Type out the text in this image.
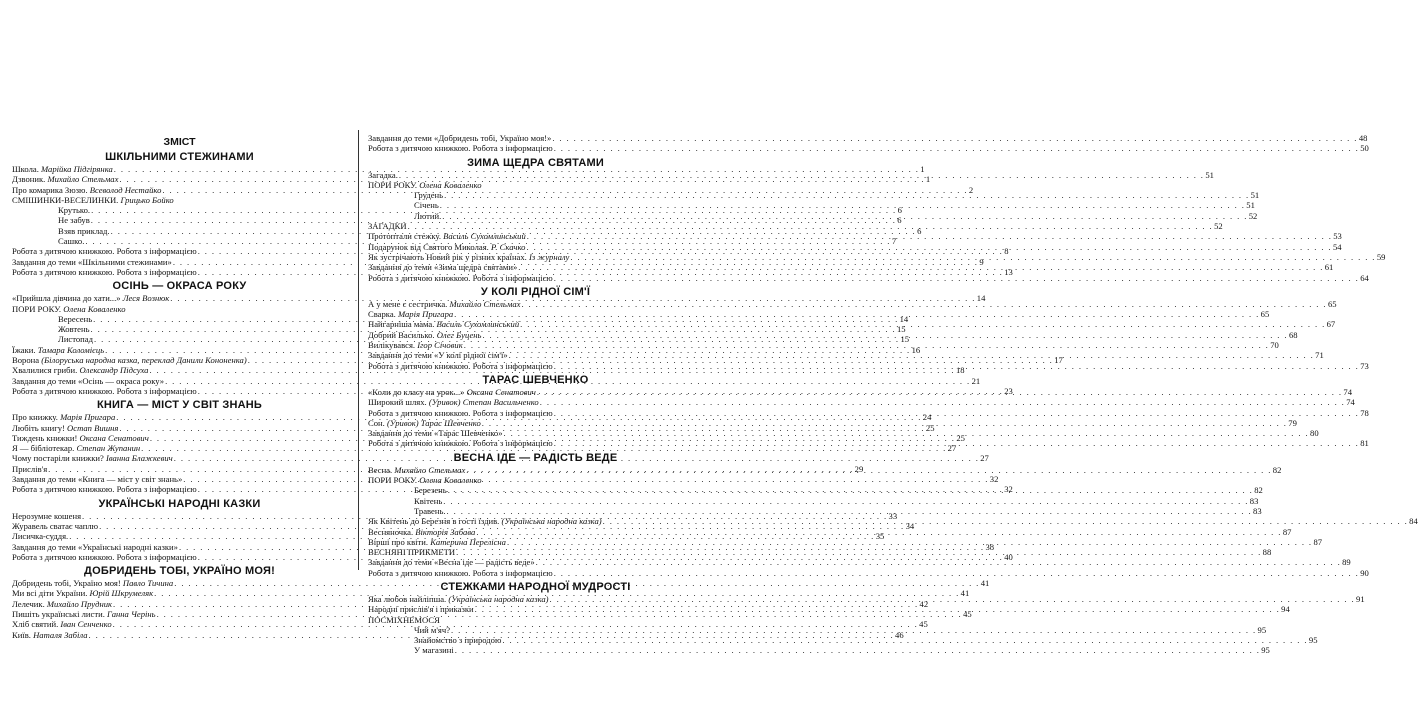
ЗМІСТ
ШКІЛЬНИМИ СТЕЖИНАМИ
Школа. Марійка Підгірянка . . .	1
Дзвоник. Михайло Стельмах . . .	1
Про комарика Зюзю. Всеволод Нестайко . . .	2
СМІШИНКИ-ВЕСЕЛИНКИ. Грицько Бойко
Крутько. . . .	6
Не забув . . .	6
Взяв приклад. . . .	6
Сашко. . . .	7
Робота з дитячою книжкою. Робота з інформацією . . .	8
Завдання до теми «Шкільними стежинами» . . .	9
Робота з дитячою книжкою. Робота з інформацією . . .	13
ОСІНЬ — ОКРАСА РОКУ
«Прийшла дівчина до хати...» Леся Вознюк . . .	14
ПОРИ РОКУ. Олена Коваленко
Вересень . . .	14
Жовтень . . .	15
Листопад . . .	15
Їжаки. Тамара Коломієць . . .	16
Ворона (Білоруська народна казка, переклад Данили Кононенка) . . .	17
Хвалилися гриби. Олександр Підсуха . . .	18
Завдання до теми «Осінь — окраса року» . . .	21
Робота з дитячою книжкою. Робота з інформацією . . .	23
КНИГА — МІСТ У СВІТ ЗНАНЬ
Про книжку. Марія Пригара . . .	24
Любіть книгу! Остап Вишня . . .	25
Тиждень книжки! Оксана Сенатович . . .	25
Я — бібліотекар. Степан Жупанин . . .	27
Чому постаріли книжки? Іванна Блажкевич . . .	27
Прислів'я . . .	29
Завдання до теми «Книга — міст у світ знань» . . .	32
Робота з дитячою книжкою. Робота з інформацією . . .	32
УКРАЇНСЬКІ НАРОДНІ КАЗКИ
Нерозумне кошеня . . .	33
Журавель сватає чаплю . . .	34
Лисичка-суддя. . . .	35
Завдання до теми «Українські народні казки» . . .	38
Робота з дитячою книжкою. Робота з інформацією . . .	40
ДОБРИДЕНЬ ТОБІ, УКРАЇНО МОЯ!
Добридень тобі, Україно моя! Павло Тичина . . .	41
Ми всі діти України. Юрій Шкрумеляк . . .	41
Лелечик. Михайло Прудник . . .	42
Пишіть українські листи. Ганна Черінь . . .	45
Хліб святий. Іван Сенченко . . .	45
Київ. Наталя Забіла . . .	46
Завдання до теми «Добридень тобі, Україно моя!» . . .	48
Робота з дитячою книжкою. Робота з інформацією . . .	50
ЗИМА ЩЕДРА СВЯТАМИ
Загадка. . . .	51
ПОРИ РОКУ. Олена Коваленко
Грудень . . .	51
Січень . . .	51
Лютий. . . .	52
ЗАГАДКИ . . .	52
Протоптали стежку. Василь Сухомлинський . . .	53
Подарунок від Святого Миколая. Р. Скачко . . .	54
Як зустрічають Новий рік у різних країнах. Із журналу . . .	59
Завдання до теми «Зима щедра святами» . . .	61
Робота з дитячою книжкою. Робота з інформацією . . .	64
У КОЛІ РІДНОЇ СІМ'Ї
А у мене є сестричка. Михайло Стельмах . . .	65
Сварка. Марія Пригара . . .	65
Найгарніша мама. Василь Сухомлинський . . .	67
Добрий Василько. Олег Буцень . . .	68
Вилікувався. Ігор Січовик . . .	70
Завдання до теми «У колі рідної сім'ї» . . .	71
Робота з дитячою книжкою. Робота з інформацією . . .	73
ТАРАС ШЕВЧЕНКО
«Коли до класу на урок...» Оксана Сенатович . . .	74
Широкий шлях. (Уривок) Степан Васильченко . . .	74
Робота з дитячою книжкою. Робота з інформацією . . .	78
Сон. (Уривок) Тарас Шевченко . . .	79
Завдання до теми «Тарас Шевченко» . . .	80
Робота з дитячою книжкою. Робота з інформацією . . .	81
ВЕСНА ІДЕ — РАДІСТЬ ВЕДЕ
Весна. Михайло Стельмах . . .	82
ПОРИ РОКУ. Олена Коваленко
Березень . . .	82
Квітень . . .	83
Травень. . . .	83
Як Квітень до Березня в гості їздив. (Українська народна казка) . . .	84
Весняночка. Вікторія Забава . . .	87
Вірші про квіти. Катерина Перелісна . . .	87
ВЕСНЯНІ ПРИКМЕТИ . . .	88
Завдання до теми «Весна іде — радість веде» . . .	89
Робота з дитячою книжкою. Робота з інформацією . . .	90
СТЕЖКАМИ НАРОДНОЇ МУДРОСТІ
Яка любов найліпша. (Українська народна казка) . . .	91
Народні прислів'я і приказки . . .	94
ПОСМІХНЕМОСЯ
Чий м'яч? . . .	95
Знайомство з природою . . .	95
У магазині . . .	95
